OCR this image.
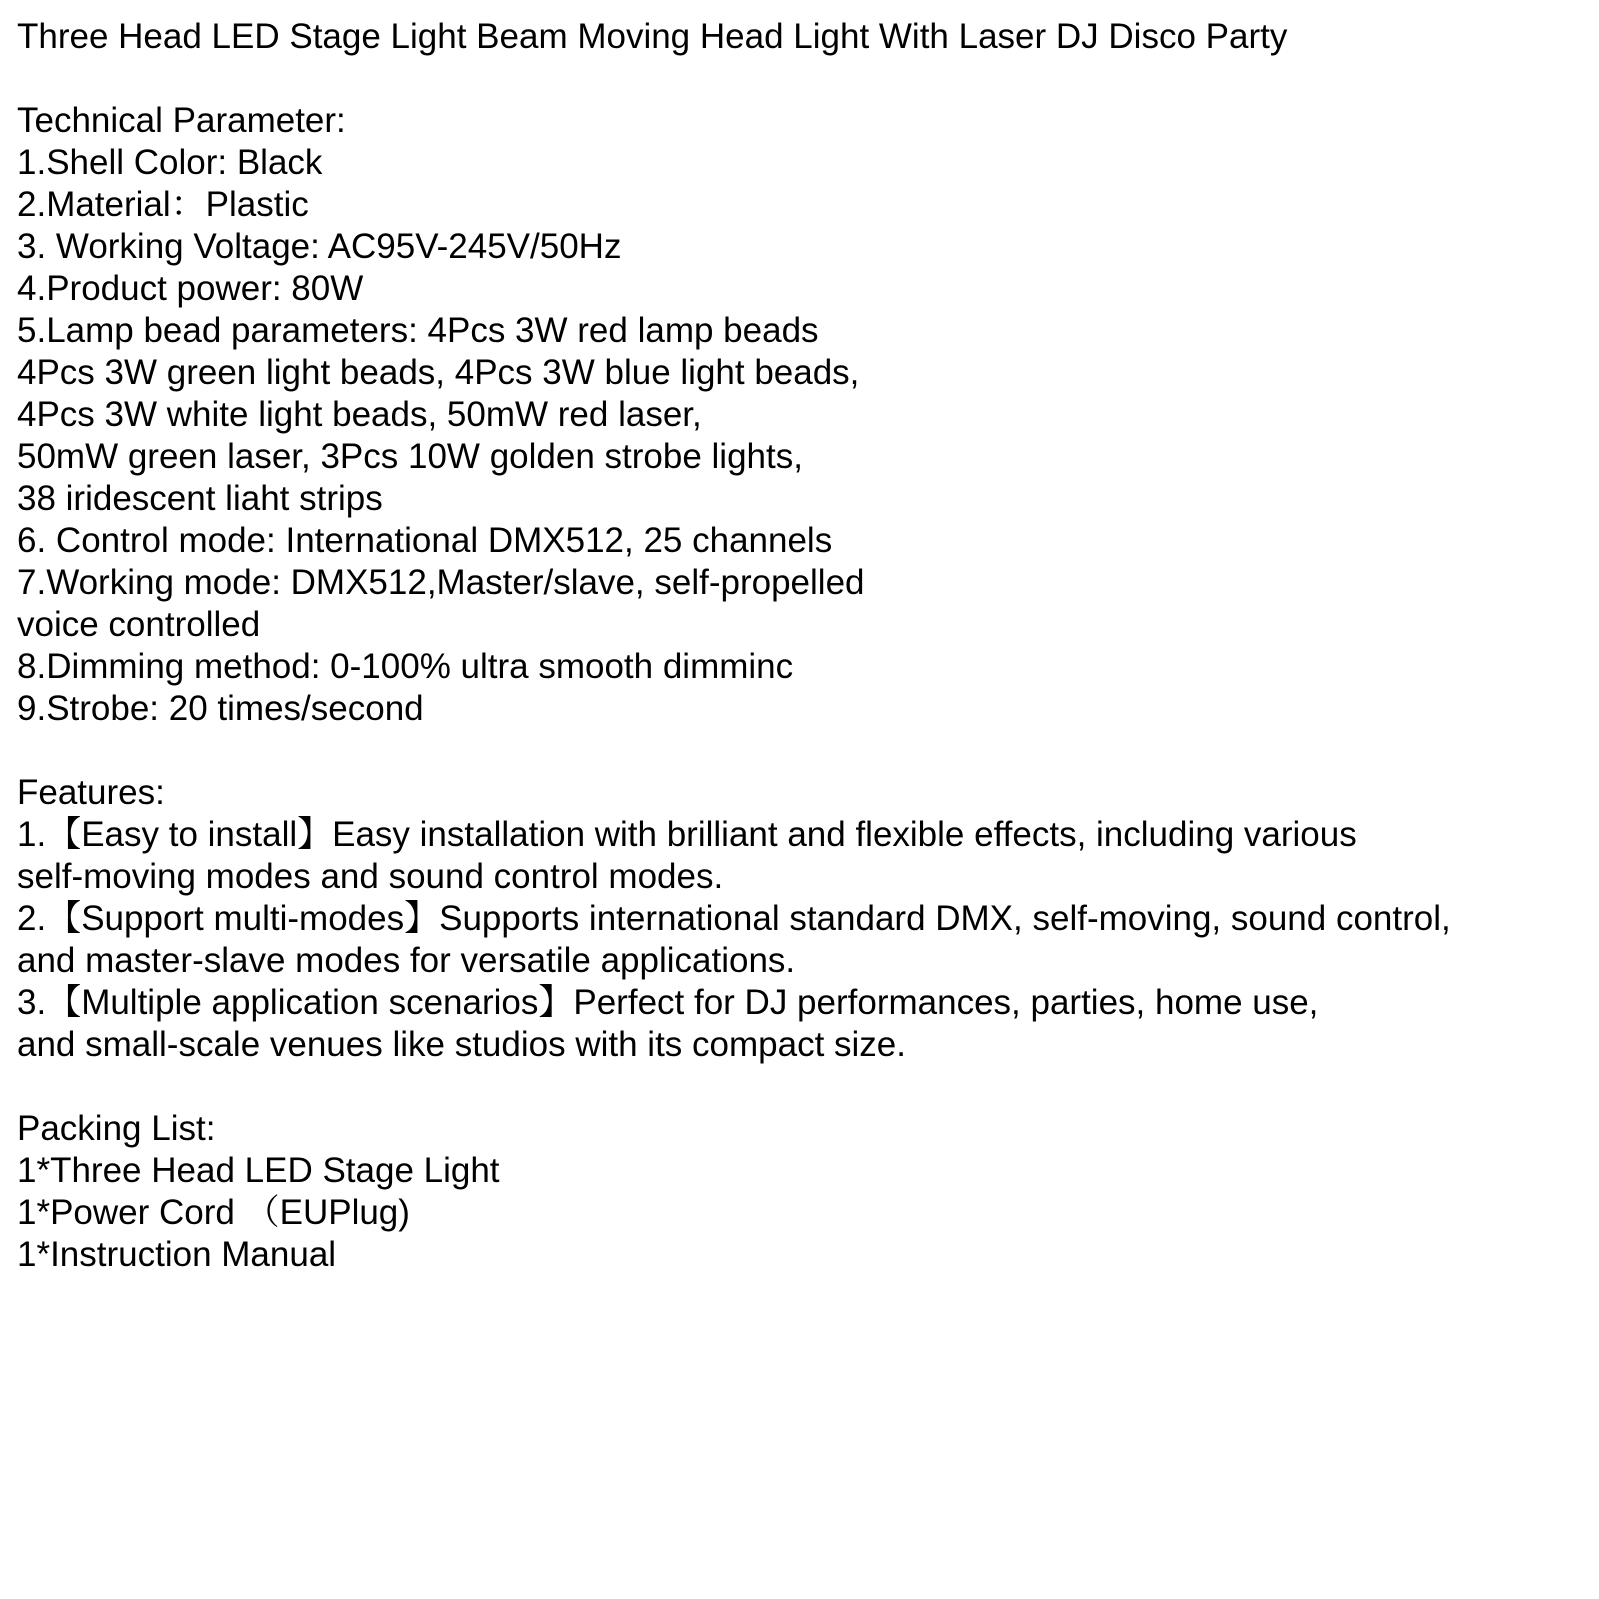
Three Head LED Stage Light Beam Moving Head Light With Laser DJ Disco Party
Technical Parameter:
1.Shell Color: Black
2.Material：Plastic
3. Working Voltage: AC95V-245V/50Hz
4.Product power: 80W
5.Lamp bead parameters: 4Pcs 3W red lamp beads
4Pcs 3W green light beads, 4Pcs 3W blue light beads,
4Pcs 3W white light beads, 50mW red laser,
50mW green laser, 3Pcs 10W golden strobe lights,
38 iridescent liaht strips
6. Control mode: International DMX512, 25 channels
7.Working mode: DMX512,Master/slave, self-propelled
voice controlled
8.Dimming method: 0-100% ultra smooth dimminc
9.Strobe: 20 times/second
Features:
1.【Easy to install】Easy installation with brilliant and flexible effects, including various
self-moving modes and sound control modes.
2.【Support multi-modes】Supports international standard DMX, self-moving, sound control,
and master-slave modes for versatile applications.
3.【Multiple application scenarios】Perfect for DJ performances, parties, home use,
and small-scale venues like studios with its compact size.
Packing List:
1*Three Head LED Stage Light
1*Power Cord （EUPlug)
1*Instruction Manual
